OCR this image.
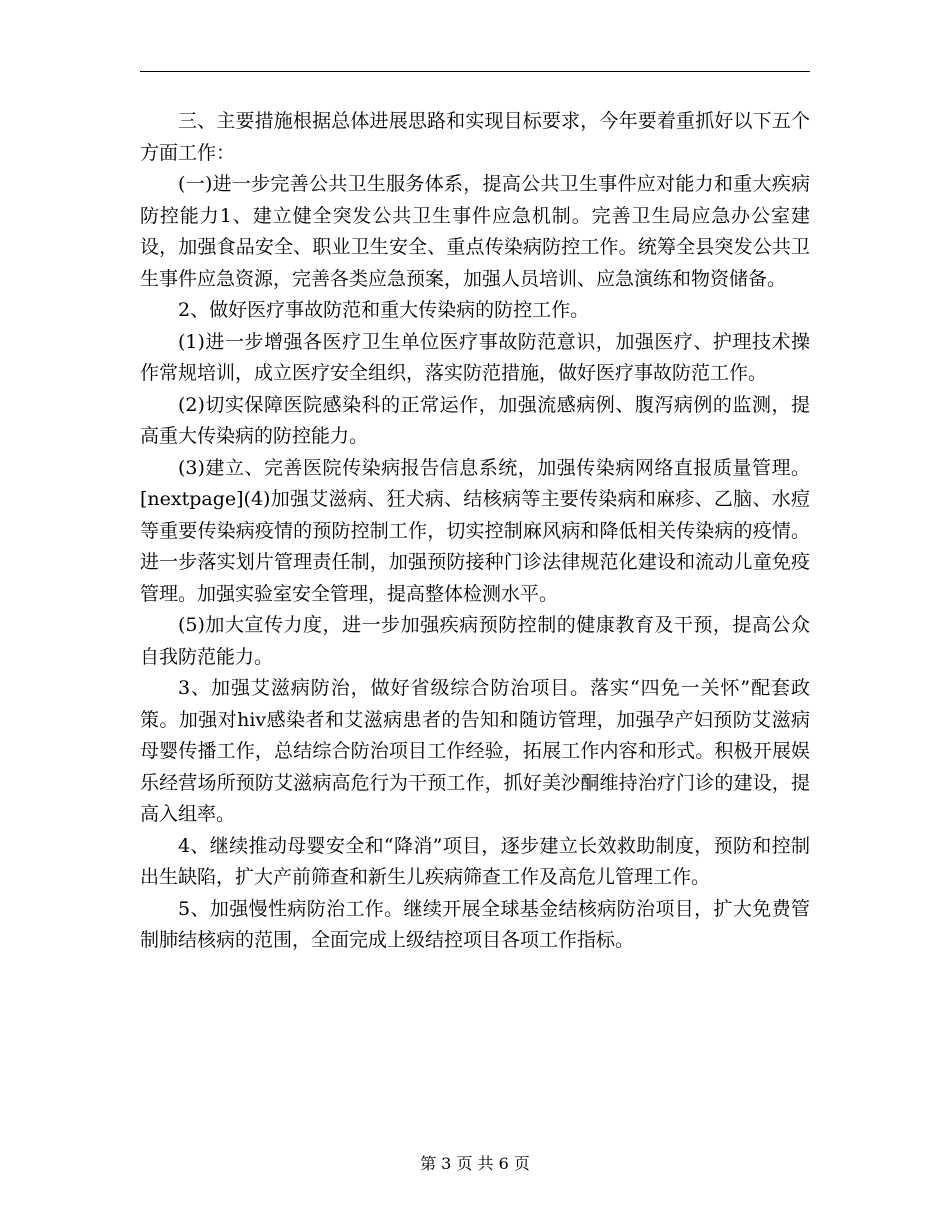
三、主要措施根据总体进展思路和实现目标要求，今年要着重抓好以下五个方面工作：

(一)进一步完善公共卫生服务体系，提高公共卫生事件应对能力和重大疾病防控能力1、建立健全突发公共卫生事件应急机制。完善卫生局应急办公室建设，加强食品安全、职业卫生安全、重点传染病防控工作。统筹全县突发公共卫生事件应急资源，完善各类应急预案，加强人员培训、应急演练和物资储备。

2、做好医疗事故防范和重大传染病的防控工作。

(1)进一步增强各医疗卫生单位医疗事故防范意识，加强医疗、护理技术操作常规培训，成立医疗安全组织，落实防范措施，做好医疗事故防范工作。

(2)切实保障医院感染科的正常运作，加强流感病例、腹泻病例的监测，提高重大传染病的防控能力。

(3)建立、完善医院传染病报告信息系统，加强传染病网络直报质量管理。[nextpage](4)加强艾滋病、狂犬病、结核病等主要传染病和麻疹、乙脑、水痘等重要传染病疫情的预防控制工作，切实控制麻风病和降低相关传染病的疫情。进一步落实划片管理责任制，加强预防接种门诊法律规范化建设和流动儿童免疫管理。加强实验室安全管理，提高整体检测水平。

(5)加大宣传力度，进一步加强疾病预防控制的健康教育及干预，提高公众自我防范能力。

3、加强艾滋病防治，做好省级综合防治项目。落实“四免一关怀”配套政策。加强对hiv感染者和艾滋病患者的告知和随访管理，加强孕产妇预防艾滋病母婴传播工作，总结综合防治项目工作经验，拓展工作内容和形式。积极开展娱乐经营场所预防艾滋病高危行为干预工作，抓好美沙酮维持治疗门诊的建设，提高入组率。

4、继续推动母婴安全和“降消”项目，逐步建立长效救助制度，预防和控制出生缺陷，扩大产前筛查和新生儿疾病筛查工作及高危儿管理工作。

5、加强慢性病防治工作。继续开展全球基金结核病防治项目，扩大免费管制肺结核病的范围，全面完成上级结控项目各项工作指标。

第 3 页 共 6 页
